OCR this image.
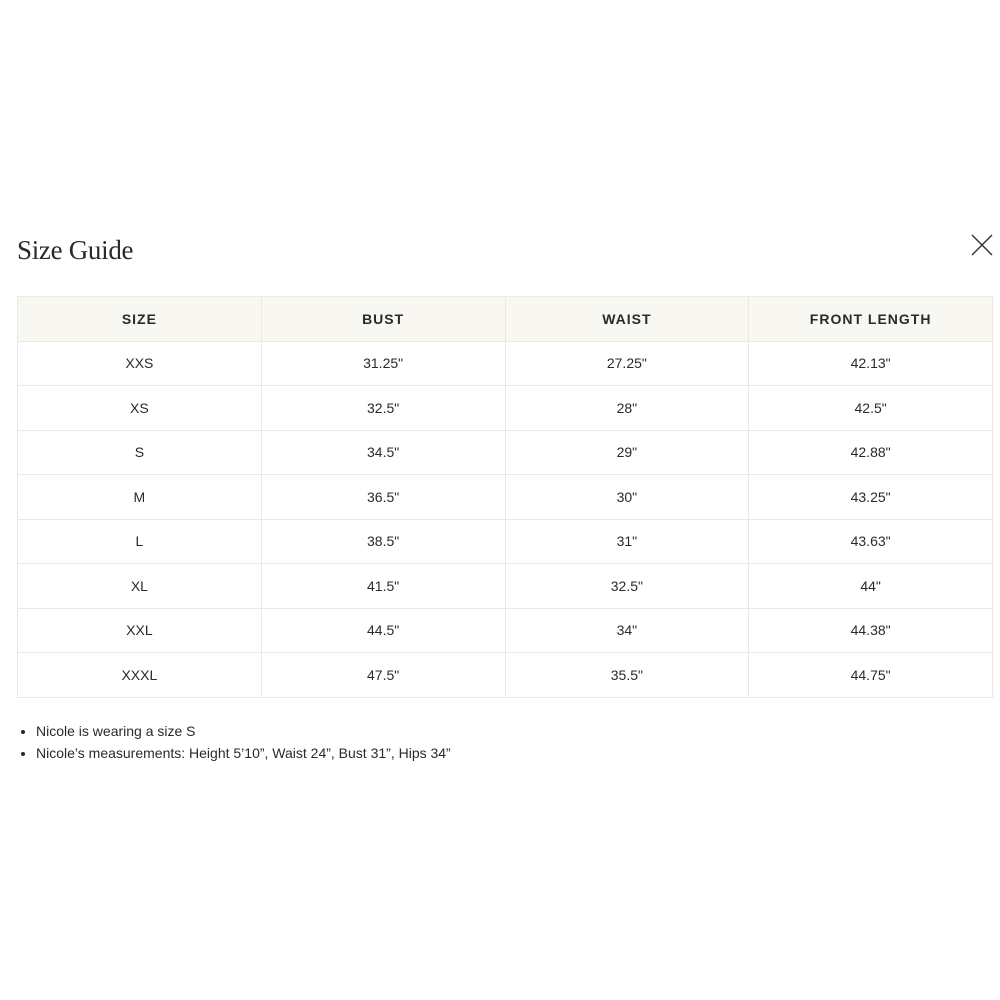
Size Guide
SIZE	BUST	WAIST	FRONT LENGTH
XXS	31.25"	27.25"	42.13"
XS	32.5"	28"	42.5"
S	34.5"	29"	42.88"
M	36.5"	30"	43.25"
L	38.5"	31"	43.63"
XL	41.5"	32.5"	44"
XXL	44.5"	34"	44.38"
XXXL	47.5"	35.5"	44.75"
• Nicole is wearing a size S
• Nicole’s measurements: Height 5’10”, Waist 24”, Bust 31”, Hips 34”
